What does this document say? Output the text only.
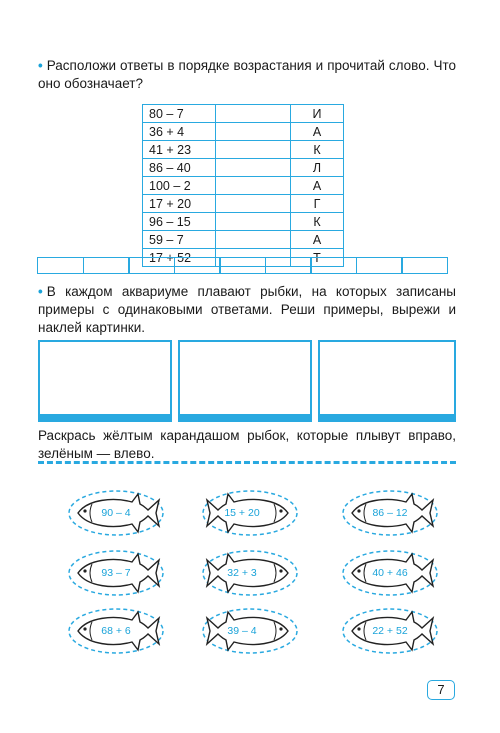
• Расположи ответы в порядке возрастания и прочитай слово. Что оно обозначает?
80 – 7		И
36 + 4		А
41 + 23		К
86 – 40		Л
100 – 2		А
17 + 20		Г
96 – 15		К
59 – 7		А
17 + 52		Т
• В каждом аквариуме плавают рыбки, на которых записаны примеры с одинаковыми ответами. Реши примеры, вырежи и наклей картинки.
Раскрась жёлтым карандашом рыбок, которые плывут вправо, зелёным — влево.
90 – 4	15 + 20	86 – 12
93 – 7	32 + 3	40 + 46
68 + 6	39 – 4	22 + 52
7
